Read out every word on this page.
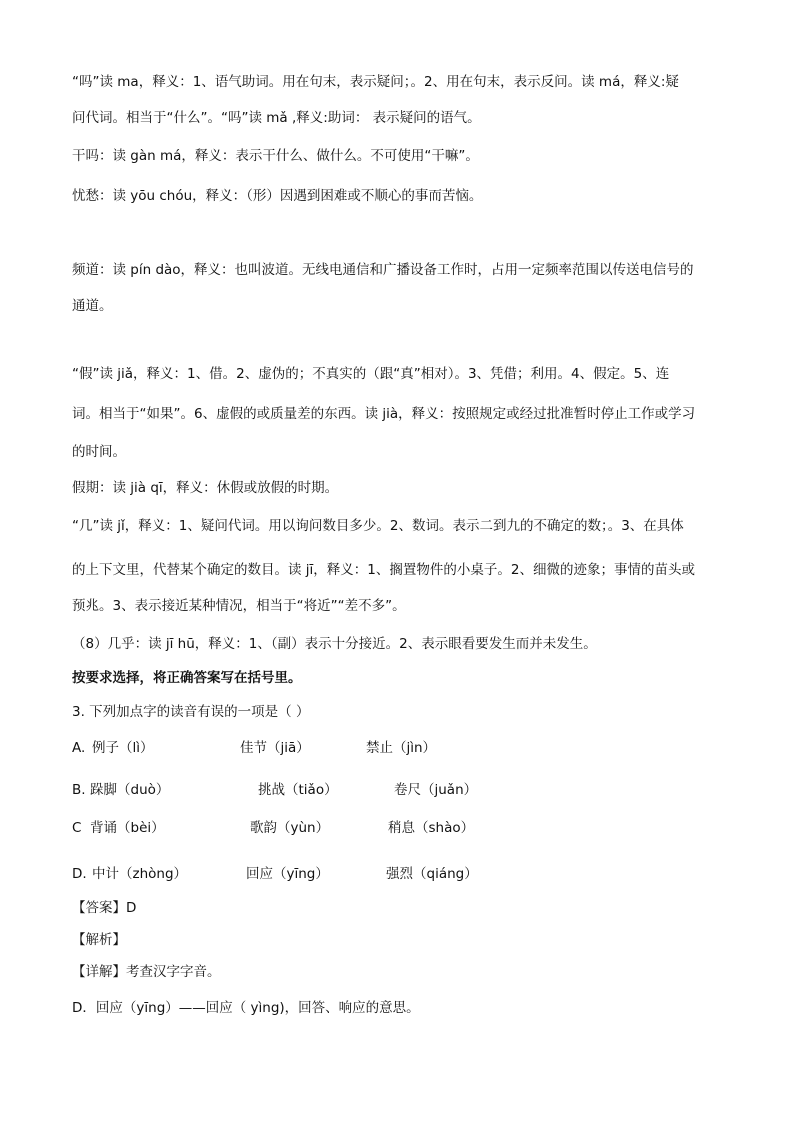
“吗”读 ma，释义：1、语气助词。用在句末，表示疑问；。2、用在句末，表示反问。读 má，释义:疑
问代词。相当于“什么”。“吗”读 mǎ ,释义:助词： 表示疑问的语气。
干吗：读 gàn má，释义：表示干什么、做什么。不可使用“干嘛”。
忧愁：读 yōu chóu，释义：（形）因遇到困难或不顺心的事而苦恼。
频道：读 pín dào，释义：也叫波道。无线电通信和广播设备工作时，占用一定频率范围以传送电信号的
通道。
“假”读 jiǎ，释义：1、借。2、虚伪的；不真实的（跟“真”相对）。3、凭借；利用。4、假定。5、连
词。相当于“如果”。6、虚假的或质量差的东西。读 jià，释义：按照规定或经过批准暂时停止工作或学习
的时间。
假期：读 jià qī，释义：休假或放假的时期。
“几”读 jǐ，释义：1、疑问代词。用以询问数目多少。2、数词。表示二到九的不确定的数；。3、在具体
的上下文里，代替某个确定的数目。读 jī，释义：1、搁置物件的小桌子。2、细微的迹象；事情的苗头或
预兆。3、表示接近某种情况，相当于“将近”“差不多”。
（8）几乎：读 jī hū，释义：1、（副）表示十分接近。2、表示眼看要发生而并未发生。
按要求选择，将正确答案写在括号里。
3. 下列加点字的读音有误的一项是（ ）
A. 例子（lì）	佳节（jiā）	禁止（jìn）
B. 跺脚（duò）	挑战（tiǎo）	卷尺（juǎn）
C 背诵（bèi）	歌韵（yùn）	稍息（shào）
D. 中计（zhòng）	回应（yīng）	强烈（qiáng）
【答案】D
【解析】
【详解】考查汉字字音。
D．回应（yīng）——回应（ yìng)，回答、响应的意思。
